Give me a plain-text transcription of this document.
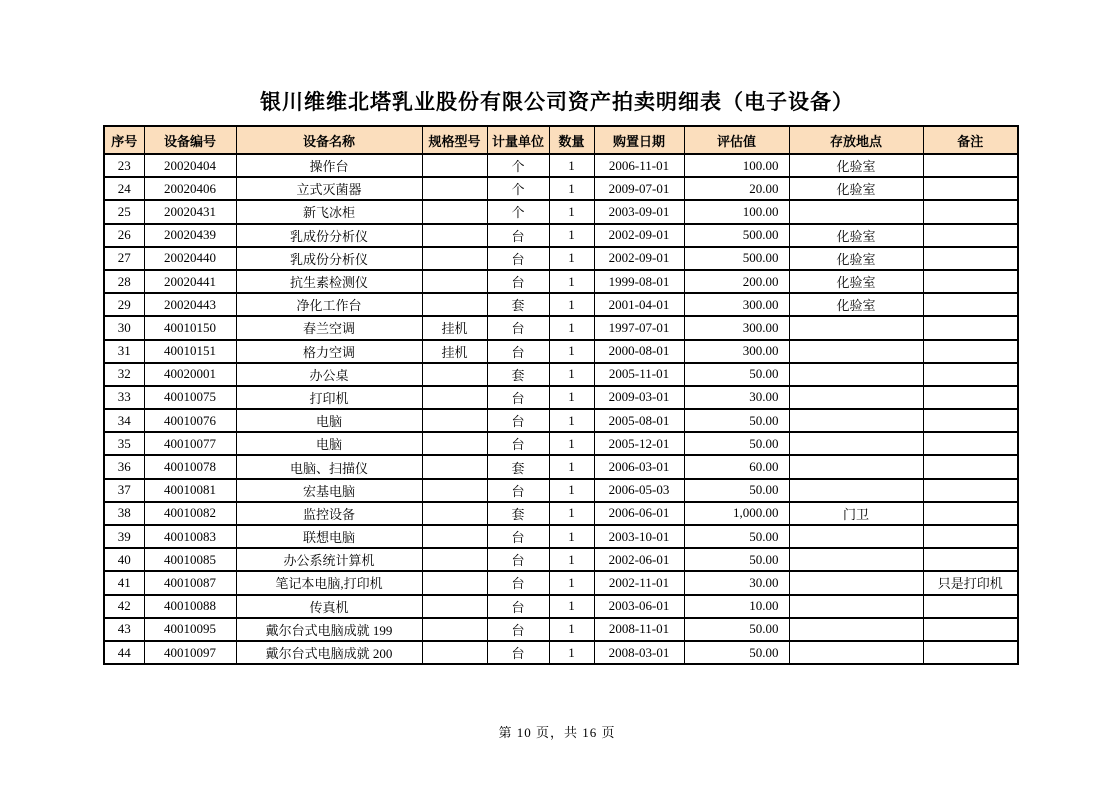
银川维维北塔乳业股份有限公司资产拍卖明细表（电子设备）
序号	设备编号	设备名称	规格型号	计量单位	数量	购置日期	评估值	存放地点	备注
23	20020404	操作台		个	1	2006-11-01	100.00	化验室	
24	20020406	立式灭菌器		个	1	2009-07-01	20.00	化验室	
25	20020431	新飞冰柜		个	1	2003-09-01	100.00		
26	20020439	乳成份分析仪		台	1	2002-09-01	500.00	化验室	
27	20020440	乳成份分析仪		台	1	2002-09-01	500.00	化验室	
28	20020441	抗生素检测仪		台	1	1999-08-01	200.00	化验室	
29	20020443	净化工作台		套	1	2001-04-01	300.00	化验室	
30	40010150	春兰空调	挂机	台	1	1997-07-01	300.00		
31	40010151	格力空调	挂机	台	1	2000-08-01	300.00		
32	40020001	办公桌		套	1	2005-11-01	50.00		
33	40010075	打印机		台	1	2009-03-01	30.00		
34	40010076	电脑		台	1	2005-08-01	50.00		
35	40010077	电脑		台	1	2005-12-01	50.00		
36	40010078	电脑、扫描仪		套	1	2006-03-01	60.00		
37	40010081	宏基电脑		台	1	2006-05-03	50.00		
38	40010082	监控设备		套	1	2006-06-01	1,000.00	门卫	
39	40010083	联想电脑		台	1	2003-10-01	50.00		
40	40010085	办公系统计算机		台	1	2002-06-01	50.00		
41	40010087	笔记本电脑,打印机		台	1	2002-11-01	30.00		只是打印机
42	40010088	传真机		台	1	2003-06-01	10.00		
43	40010095	戴尔台式电脑成就 199		台	1	2008-11-01	50.00		
44	40010097	戴尔台式电脑成就 200		台	1	2008-03-01	50.00		
第 10 页，共 16 页
